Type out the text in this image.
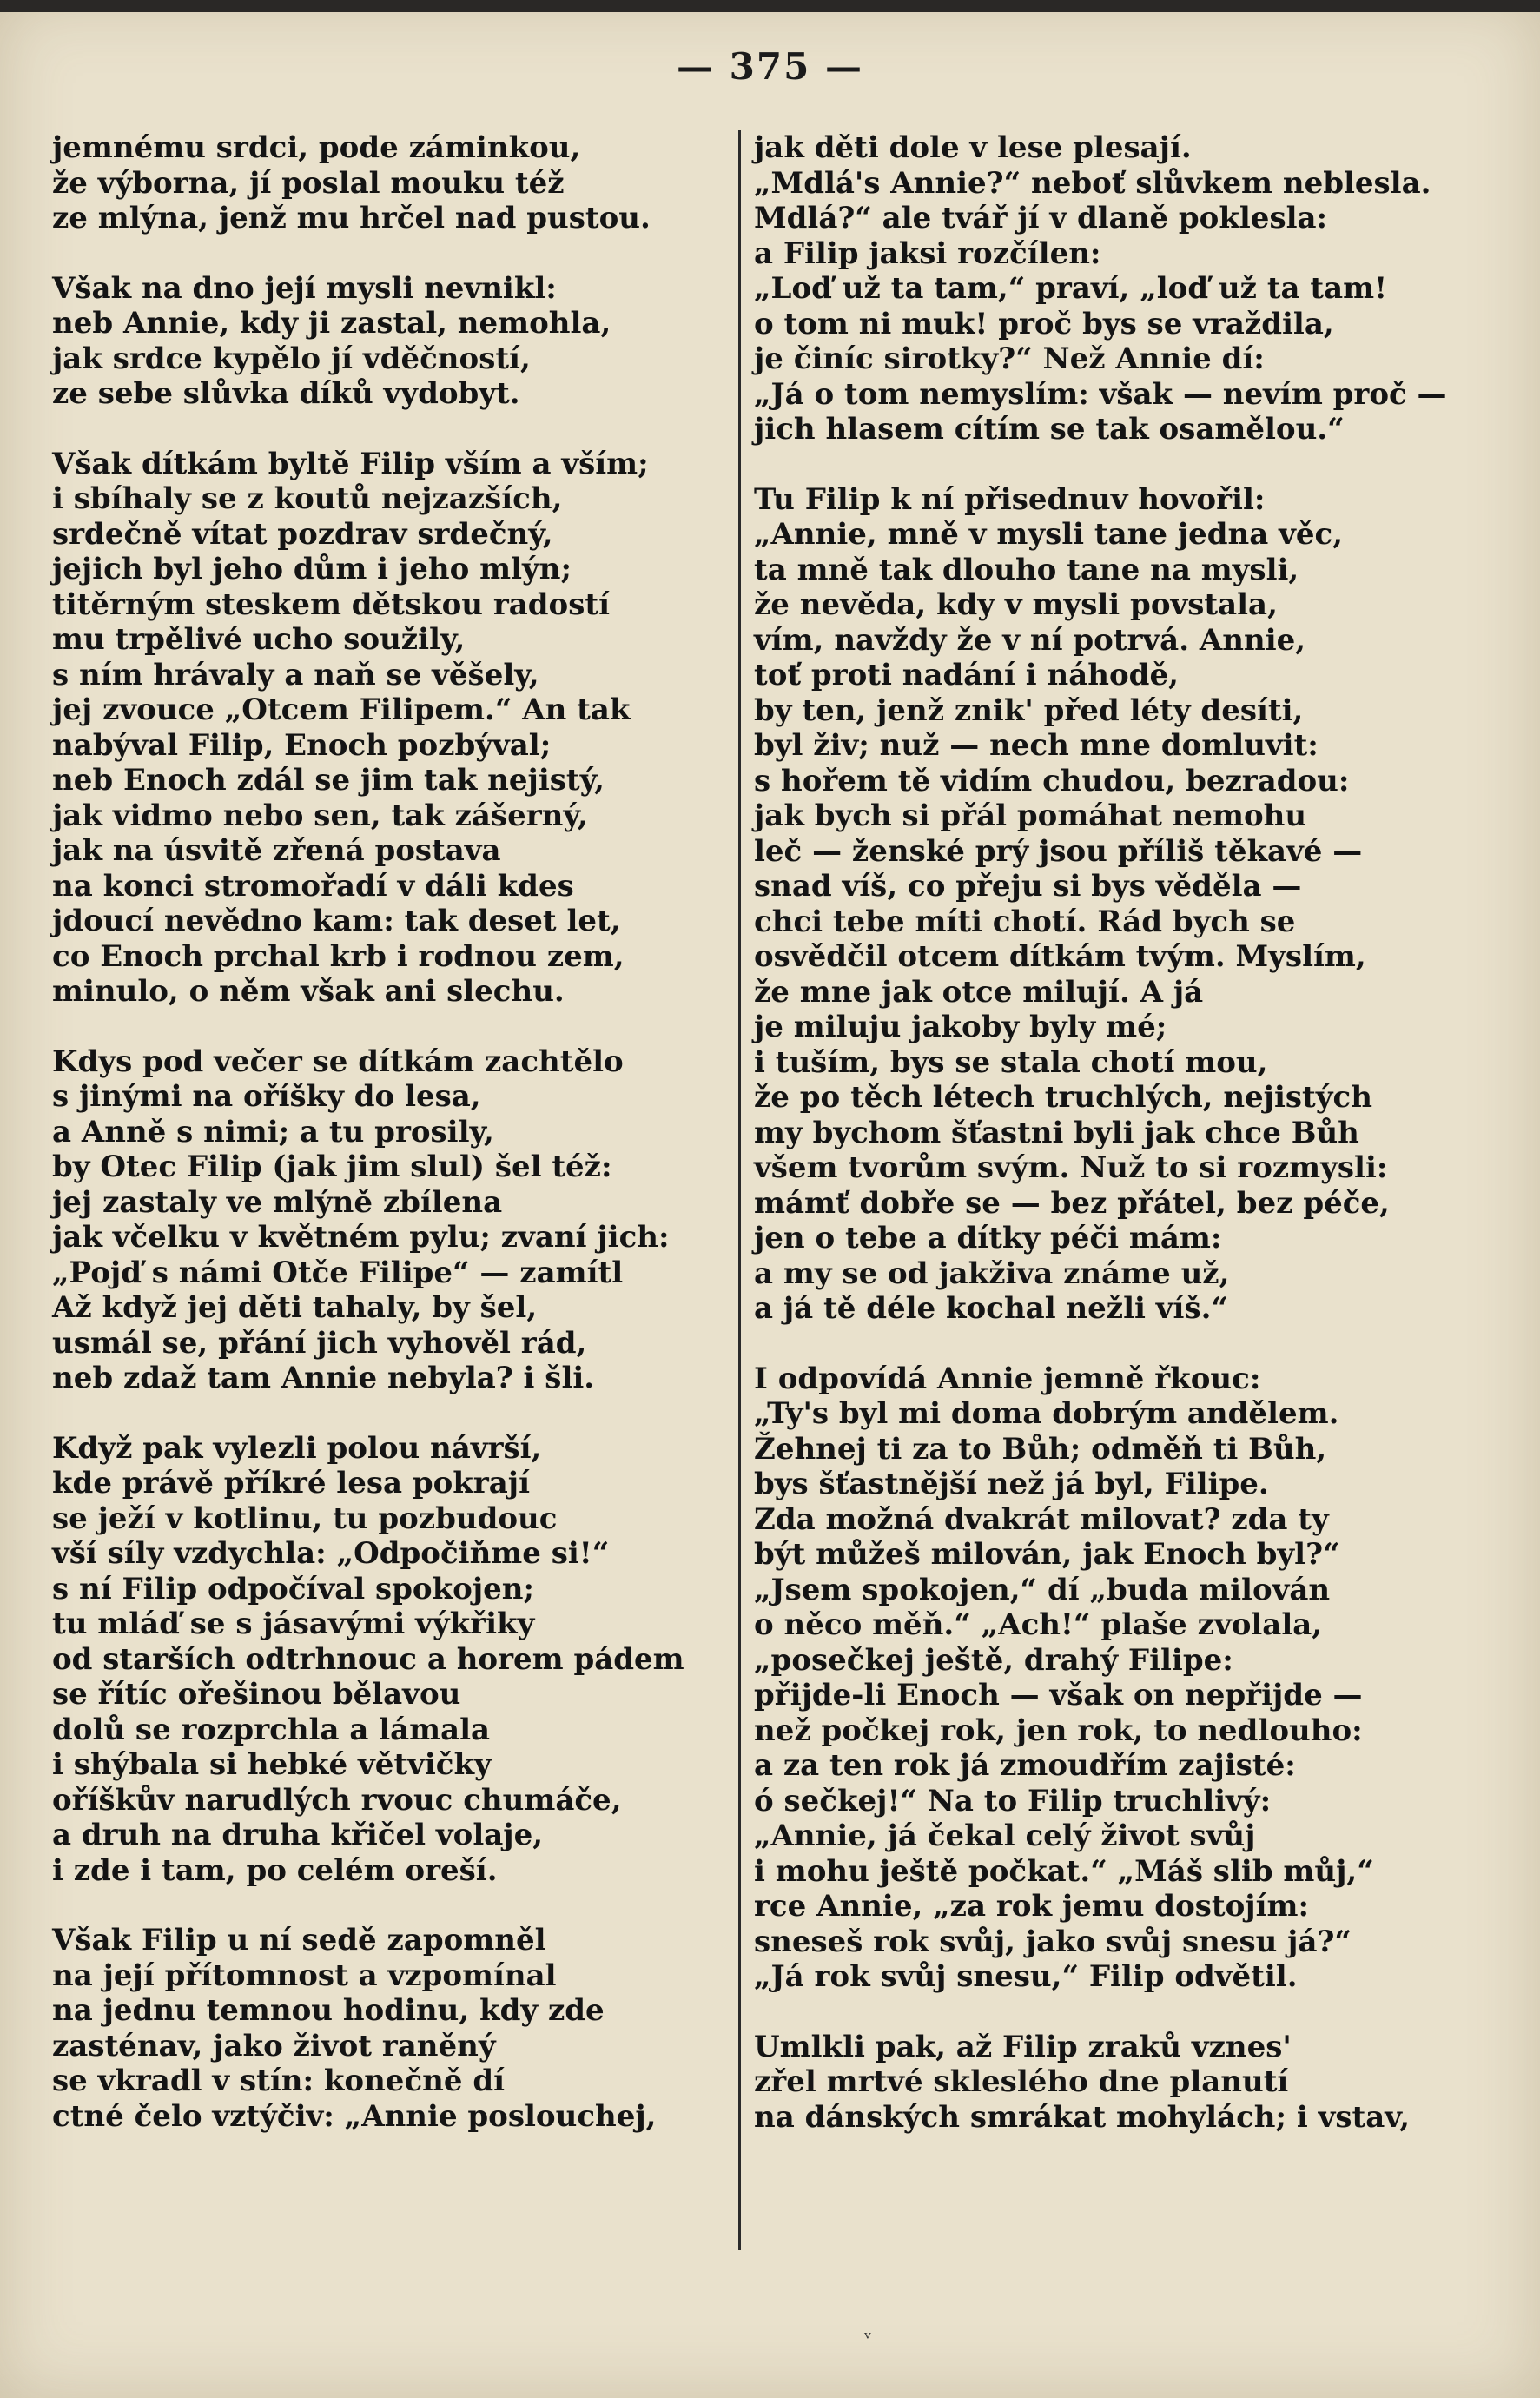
— 375 —
jemnému srdci, pode záminkou,
že výborna, jí poslal mouku též
ze mlýna, jenž mu hrčel nad pustou.
Však na dno její mysli nevnikl:
neb Annie, kdy ji zastal, nemohla,
jak srdce kypělo jí vděčností,
ze sebe slůvka díků vydobyt.
Však dítkám byltě Filip vším a vším;
i sbíhaly se z koutů nejzazších,
srdečně vítat pozdrav srdečný,
jejich byl jeho dům i jeho mlýn;
titěrným steskem dětskou radostí
mu trpělivé ucho soužily,
s ním hrávaly a naň se věšely,
jej zvouce „Otcem Filipem.“ An tak
nabýval Filip, Enoch pozbýval;
neb Enoch zdál se jim tak nejistý,
jak vidmo nebo sen, tak zášerný,
jak na úsvitě zřená postava
na konci stromořadí v dáli kdes
jdoucí nevědno kam: tak deset let,
co Enoch prchal krb i rodnou zem,
minulo, o něm však ani slechu.
Kdys pod večer se dítkám zachtělo
s jinými na oříšky do lesa,
a Anně s nimi; a tu prosily,
by Otec Filip (jak jim slul) šel též:
jej zastaly ve mlýně zbílena
jak včelku v květném pylu; zvaní jich:
„Pojď s námi Otče Filipe“ — zamítl
Až když jej děti tahaly, by šel,
usmál se, přání jich vyhověl rád,
neb zdaž tam Annie nebyla? i šli.
Když pak vylezli polou návrší,
kde právě příkré lesa pokrají
se ježí v kotlinu, tu pozbudouc
vší síly vzdychla: „Odpočiňme si!“
s ní Filip odpočíval spokojen;
tu mláď se s jásavými výkřiky
od starších odtrhnouc a horem pádem
se řítíc ořešinou bělavou
dolů se rozprchla a lámala
i shýbala si hebké větvičky
oříškův narudlých rvouc chumáče,
a druh na druha křičel volaje,
i zde i tam, po celém oreší.
Však Filip u ní sedě zapomněl
na její přítomnost a vzpomínal
na jednu temnou hodinu, kdy zde
zasténav, jako život raněný
se vkradl v stín: konečně dí
ctné čelo vztýčiv: „Annie poslouchej,
jak děti dole v lese plesají.
„Mdlá's Annie?“ neboť slůvkem neblesla.
Mdlá?“ ale tvář jí v dlaně poklesla:
a Filip jaksi rozčílen:
„Loď už ta tam,“ praví, „loď už ta tam!
o tom ni muk! proč bys se vraždila,
je činíc sirotky?“ Než Annie dí:
„Já o tom nemyslím: však — nevím proč —
jich hlasem cítím se tak osamělou.“
Tu Filip k ní přisednuv hovořil:
„Annie, mně v mysli tane jedna věc,
ta mně tak dlouho tane na mysli,
že nevěda, kdy v mysli povstala,
vím, navždy že v ní potrvá. Annie,
toť proti nadání i náhodě,
by ten, jenž znik' před léty desíti,
byl živ; nuž — nech mne domluvit:
s hořem tě vidím chudou, bezradou:
jak bych si přál pomáhat nemohu
leč — ženské prý jsou příliš těkavé —
snad víš, co přeju si bys věděla —
chci tebe míti chotí. Rád bych se
osvědčil otcem dítkám tvým. Myslím,
že mne jak otce milují. A já
je miluju jakoby byly mé;
i tuším, bys se stala chotí mou,
že po těch létech truchlých, nejistých
my bychom šťastni byli jak chce Bůh
všem tvorům svým. Nuž to si rozmysli:
mámť dobře se — bez přátel, bez péče,
jen o tebe a dítky péči mám:
a my se od jakživa známe už,
a já tě déle kochal nežli víš.“
I odpovídá Annie jemně řkouc:
„Ty's byl mi doma dobrým andělem.
Žehnej ti za to Bůh; odměň ti Bůh,
bys šťastnější než já byl, Filipe.
Zda možná dvakrát milovat? zda ty
být můžeš milován, jak Enoch byl?“
„Jsem spokojen,“ dí „buda milován
o něco měň.“ „Ach!“ plaše zvolala,
„posečkej ještě, drahý Filipe:
přijde-li Enoch — však on nepřijde —
než počkej rok, jen rok, to nedlouho:
a za ten rok já zmoudřím zajisté:
ó sečkej!“ Na to Filip truchlivý:
„Annie, já čekal celý život svůj
i mohu ještě počkat.“ „Máš slib můj,“
rce Annie, „za rok jemu dostojím:
sneseš rok svůj, jako svůj snesu já?“
„Já rok svůj snesu,“ Filip odvětil.
Umlkli pak, až Filip zraků vznes'
zřel mrtvé skleslého dne planutí
na dánských smrákat mohylách; i vstav,
ᵛ
